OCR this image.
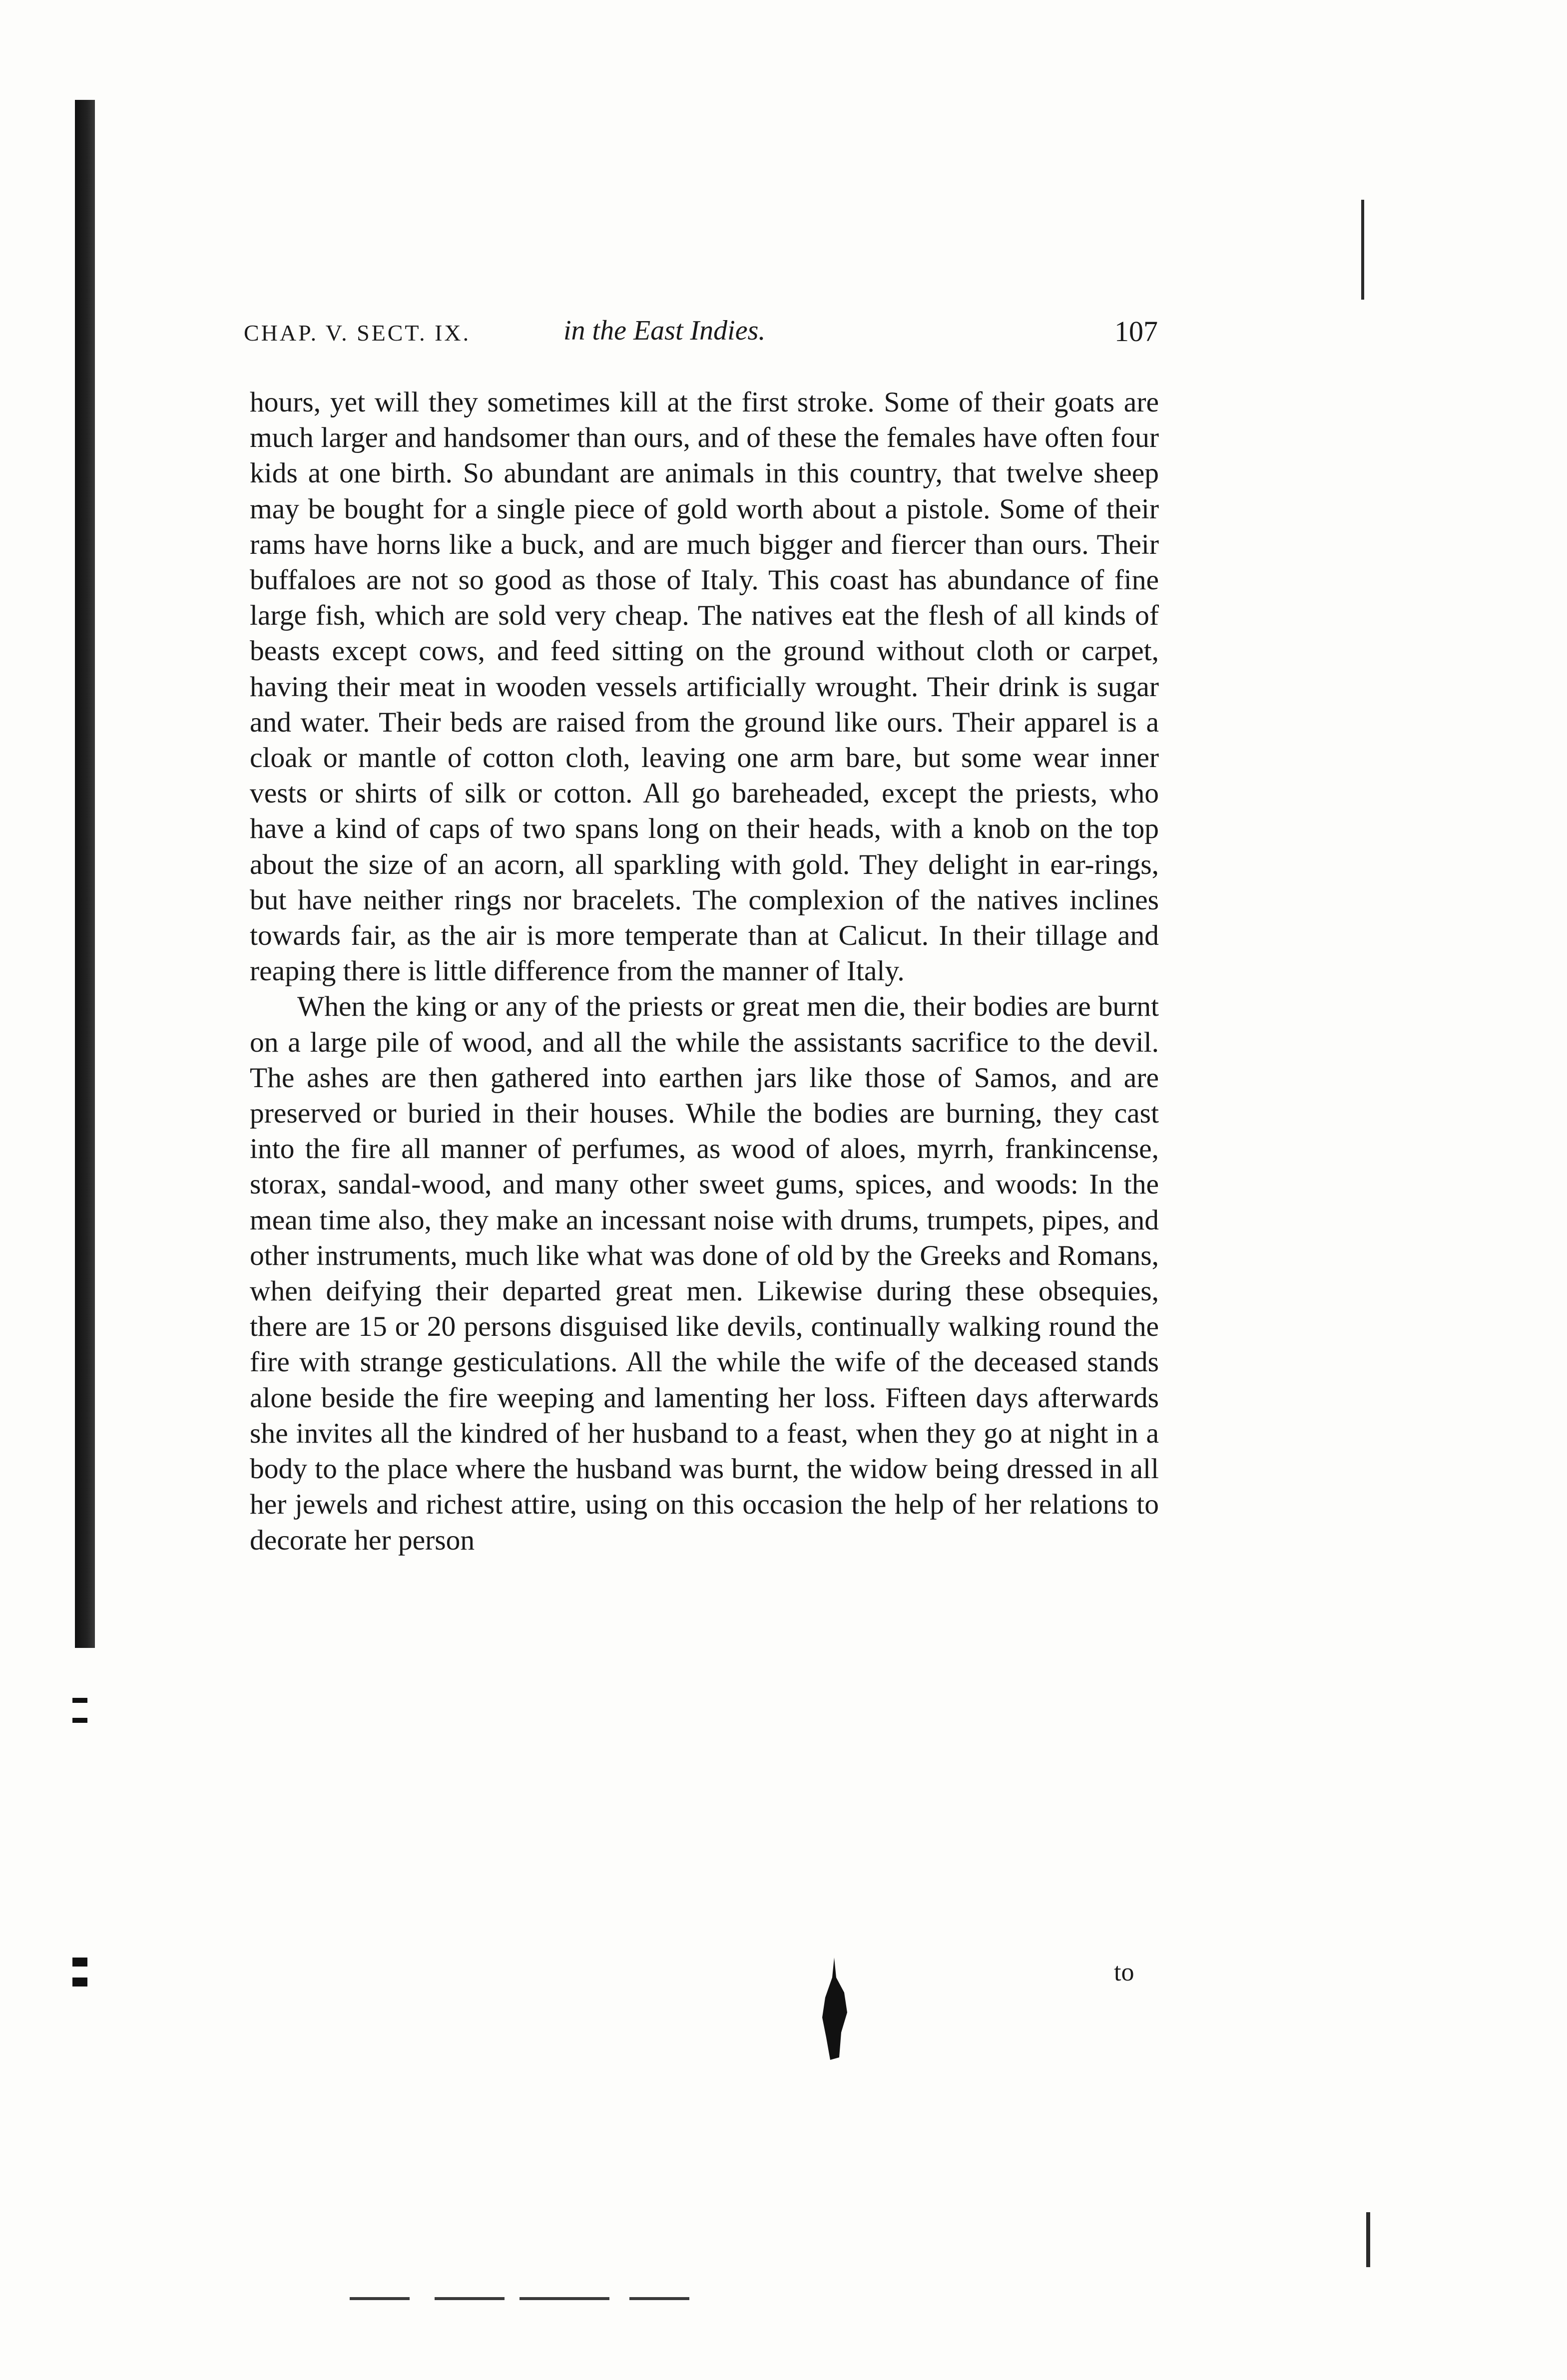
CHAP. V. SECT. IX.	in the East Indies.	107

hours, yet will they sometimes kill at the first stroke. Some of their goats are much larger and handsomer than ours, and of these the females have often four kids at one birth. So abundant are animals in this country, that twelve sheep may be bought for a single piece of gold worth about a pistole. Some of their rams have horns like a buck, and are much bigger and fiercer than ours. Their buffaloes are not so good as those of Italy. This coast has abundance of fine large fish, which are sold very cheap. The natives eat the flesh of all kinds of beasts except cows, and feed sitting on the ground without cloth or carpet, having their meat in wooden vessels artificially wrought. Their drink is sugar and water. Their beds are raised from the ground like ours. Their apparel is a cloak or mantle of cotton cloth, leaving one arm bare, but some wear inner vests or shirts of silk or cotton. All go bareheaded, except the priests, who have a kind of caps of two spans long on their heads, with a knob on the top about the size of an acorn, all sparkling with gold. They delight in ear-rings, but have neither rings nor bracelets. The complexion of the natives inclines towards fair, as the air is more temperate than at Calicut. In their tillage and reaping there is little difference from the manner of Italy.

When the king or any of the priests or great men die, their bodies are burnt on a large pile of wood, and all the while the assistants sacrifice to the devil. The ashes are then gathered into earthen jars like those of Samos, and are preserved or buried in their houses. While the bodies are burning, they cast into the fire all manner of perfumes, as wood of aloes, myrrh, frankincense, storax, sandal-wood, and many other sweet gums, spices, and woods: In the mean time also, they make an incessant noise with drums, trumpets, pipes, and other instruments, much like what was done of old by the Greeks and Romans, when deifying their departed great men. Likewise during these obsequies, there are 15 or 20 persons disguised like devils, continually walking round the fire with strange gesticulations. All the while the wife of the deceased stands alone beside the fire weeping and lamenting her loss. Fifteen days afterwards she invites all the kindred of her husband to a feast, when they go at night in a body to the place where the husband was burnt, the widow being dressed in all her jewels and richest attire, using on this occasion the help of her relations to decorate her person

to
